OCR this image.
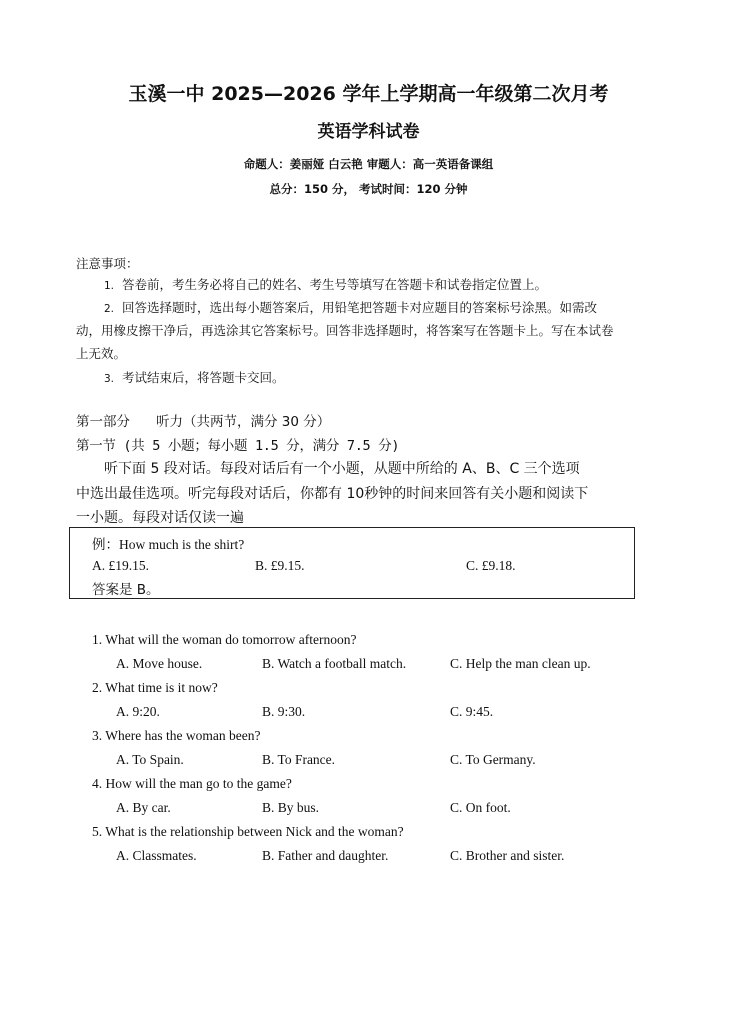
玉溪一中 2025—2026 学年上学期高一年级第二次月考
英语学科试卷
命题人：姜丽娅 白云艳 审题人：高一英语备课组
总分：150 分， 考试时间：120 分钟
注意事项：
1. 答卷前，考生务必将自己的姓名、考生号等填写在答题卡和试卷指定位置上。
2. 回答选择题时，选出每小题答案后，用铅笔把答题卡对应题目的答案标号涂黑。如需改
动，用橡皮擦干净后，再选涂其它答案标号。回答非选择题时，将答案写在答题卡上。写在本试卷
上无效。
3. 考试结束后，将答题卡交回。
第一部分 听力（共两节，满分 30 分）
第一节 (共 5 小题；每小题 1.5 分，满分 7.5 分)
听下面 5 段对话。每段对话后有一个小题，从题中所给的 A、B、C 三个选项
中选出最佳选项。听完每段对话后，你都有 10秒钟的时间来回答有关小题和阅读下
一小题。每段对话仅读一遍
例：How much is the shirt?
A. £19.15.	B. £9.15.	C. £9.18.
答案是 B。
1. What will the woman do tomorrow afternoon?
A. Move house.	B. Watch a football match.	C. Help the man clean up.
2. What time is it now?
A. 9:20.	B. 9:30.	C. 9:45.
3. Where has the woman been?
A. To Spain.	B. To France.	C. To Germany.
4. How will the man go to the game?
A. By car.	B. By bus.	C. On foot.
5. What is the relationship between Nick and the woman?
A. Classmates.	B. Father and daughter.	C. Brother and sister.
